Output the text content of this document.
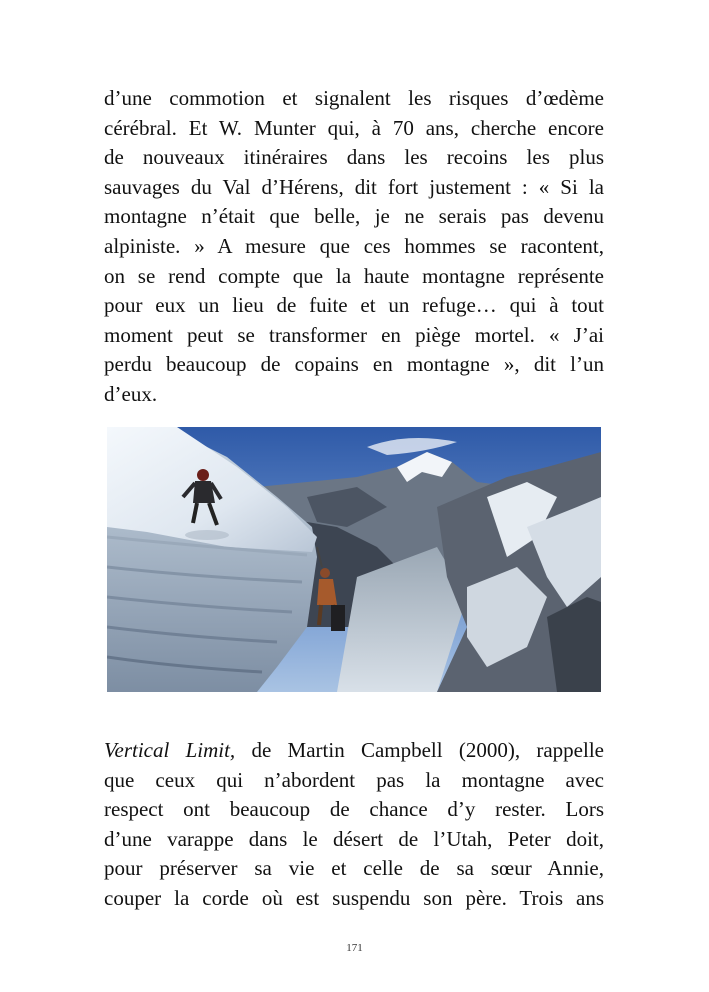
d’une commotion et signalent les risques d’œdème
cérébral. Et W. Munter qui, à 70 ans, cherche encore
de nouveaux itinéraires dans les recoins les plus
sauvages du Val d’Hérens, dit fort justement : « Si la
montagne n’était que belle, je ne serais pas devenu
alpiniste. » A mesure que ces hommes se racontent,
on se rend compte que la haute montagne représente
pour eux un lieu de fuite et un refuge… qui à tout
moment peut se transformer en piège mortel. « J’ai
perdu beaucoup de copains en montagne », dit l’un
d’eux.
Vertical Limit, de Martin Campbell (2000), rappelle
que ceux qui n’abordent pas la montagne avec
respect ont beaucoup de chance d’y rester. Lors
d’une varappe dans le désert de l’Utah, Peter doit,
pour préserver sa vie et celle de sa sœur Annie,
couper la corde où est suspendu son père. Trois ans
171
